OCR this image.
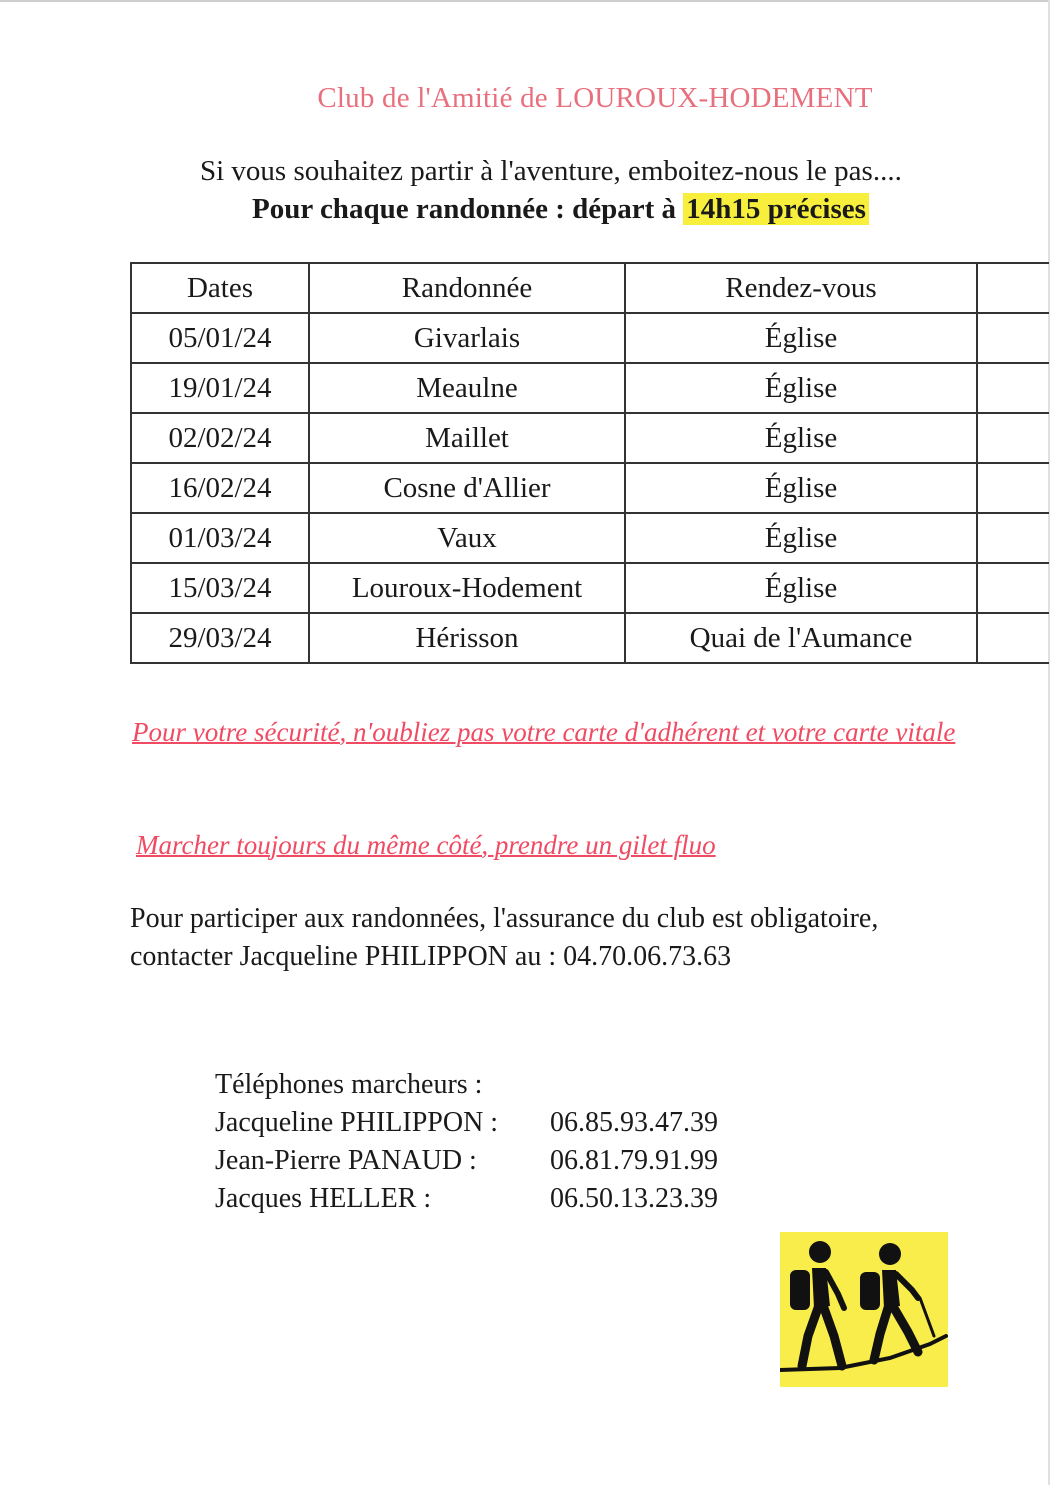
Club de l'Amitié de LOUROUX-HODEMENT
Si vous souhaitez partir à l'aventure, emboitez-nous le pas....
Pour chaque randonnée : départ à 14h15 précises
Dates	Randonnée	Rendez-vous	
05/01/24	Givarlais	Église	
19/01/24	Meaulne	Église	
02/02/24	Maillet	Église	
16/02/24	Cosne d'Allier	Église	
01/03/24	Vaux	Église	
15/03/24	Louroux-Hodement	Église	
29/03/24	Hérisson	Quai de l'Aumance	
Pour votre sécurité, n'oubliez pas votre carte d'adhérent et votre carte vitale
Marcher toujours du même côté, prendre un gilet fluo
Pour participer aux randonnées, l'assurance du club est obligatoire,
contacter Jacqueline PHILIPPON au : 04.70.06.73.63
Téléphones marcheurs :
Jacqueline PHILIPPON : 06.85.93.47.39
Jean-Pierre PANAUD :	06.81.79.91.99
Jacques HELLER :	06.50.13.23.39
